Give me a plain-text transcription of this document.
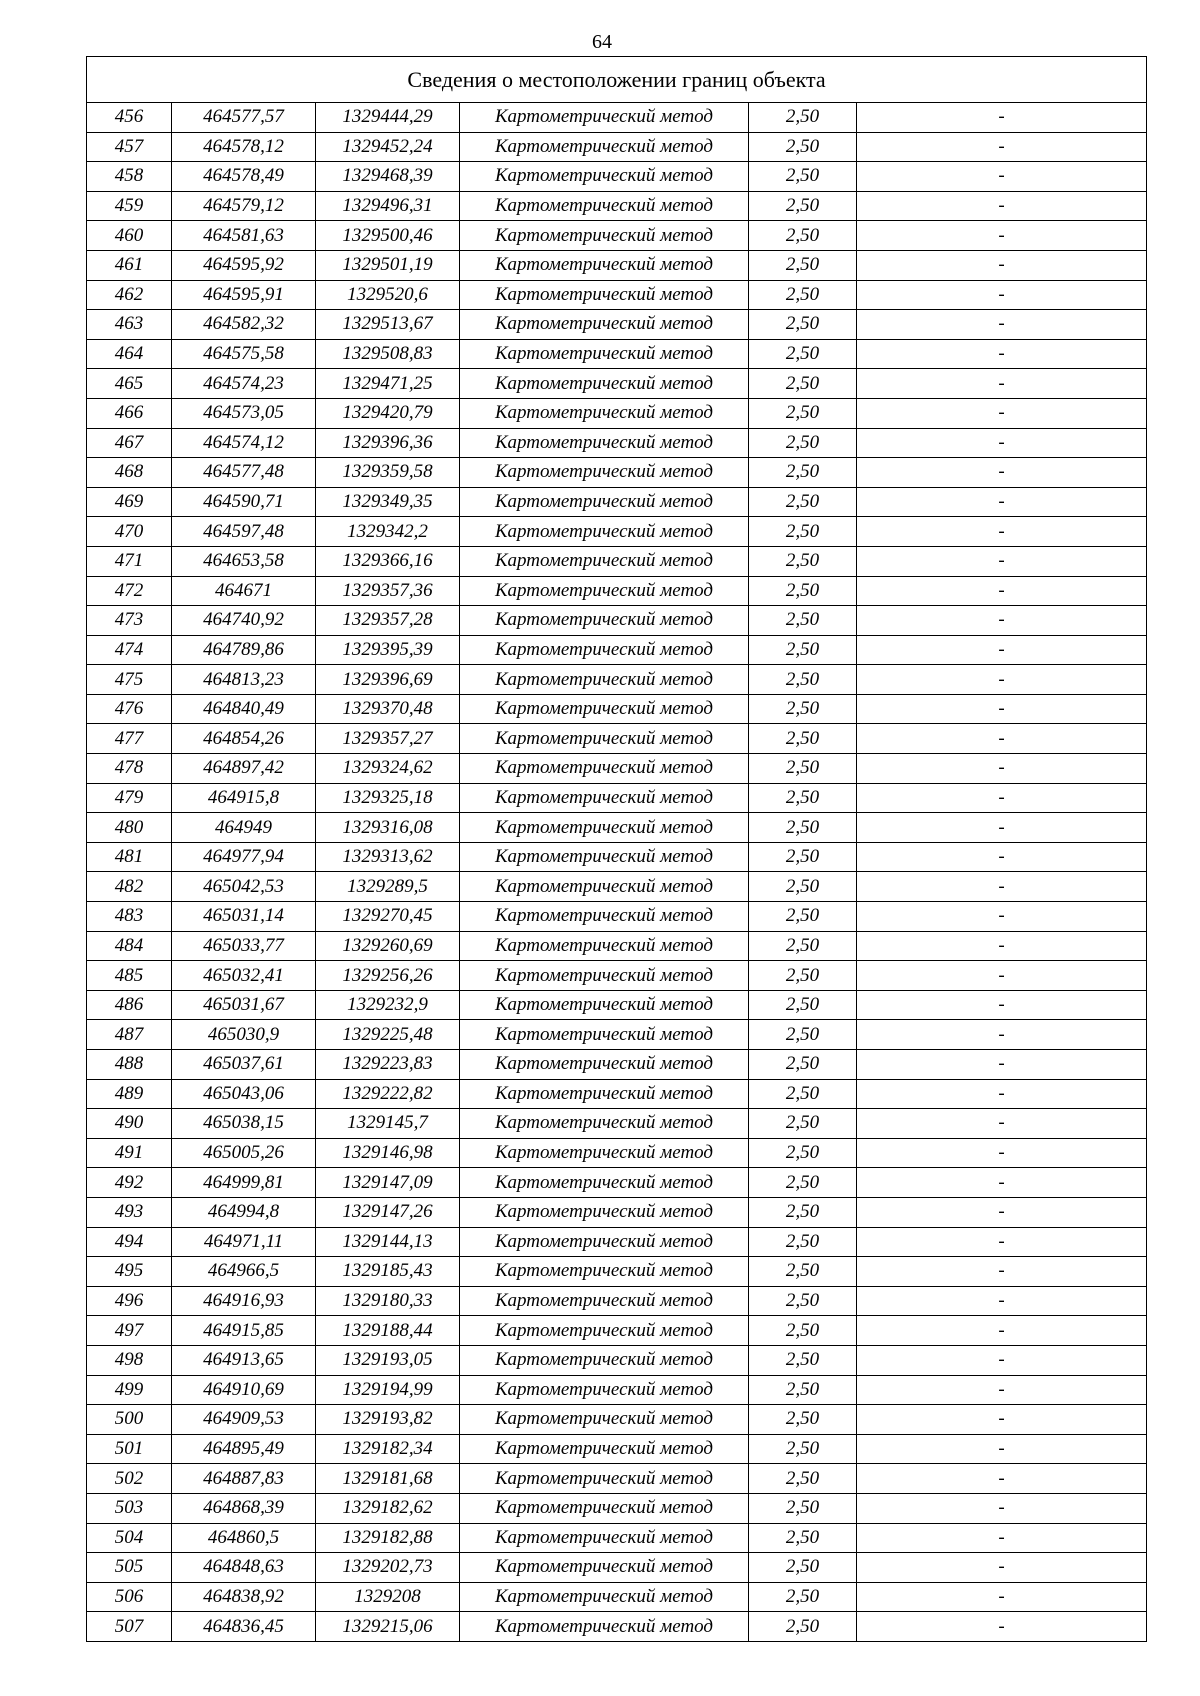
64
Сведения о местоположении границ объекта					
456	464577,57	1329444,29	Картометрический метод	2,50	-
457	464578,12	1329452,24	Картометрический метод	2,50	-
458	464578,49	1329468,39	Картометрический метод	2,50	-
459	464579,12	1329496,31	Картометрический метод	2,50	-
460	464581,63	1329500,46	Картометрический метод	2,50	-
461	464595,92	1329501,19	Картометрический метод	2,50	-
462	464595,91	1329520,6	Картометрический метод	2,50	-
463	464582,32	1329513,67	Картометрический метод	2,50	-
464	464575,58	1329508,83	Картометрический метод	2,50	-
465	464574,23	1329471,25	Картометрический метод	2,50	-
466	464573,05	1329420,79	Картометрический метод	2,50	-
467	464574,12	1329396,36	Картометрический метод	2,50	-
468	464577,48	1329359,58	Картометрический метод	2,50	-
469	464590,71	1329349,35	Картометрический метод	2,50	-
470	464597,48	1329342,2	Картометрический метод	2,50	-
471	464653,58	1329366,16	Картометрический метод	2,50	-
472	464671	1329357,36	Картометрический метод	2,50	-
473	464740,92	1329357,28	Картометрический метод	2,50	-
474	464789,86	1329395,39	Картометрический метод	2,50	-
475	464813,23	1329396,69	Картометрический метод	2,50	-
476	464840,49	1329370,48	Картометрический метод	2,50	-
477	464854,26	1329357,27	Картометрический метод	2,50	-
478	464897,42	1329324,62	Картометрический метод	2,50	-
479	464915,8	1329325,18	Картометрический метод	2,50	-
480	464949	1329316,08	Картометрический метод	2,50	-
481	464977,94	1329313,62	Картометрический метод	2,50	-
482	465042,53	1329289,5	Картометрический метод	2,50	-
483	465031,14	1329270,45	Картометрический метод	2,50	-
484	465033,77	1329260,69	Картометрический метод	2,50	-
485	465032,41	1329256,26	Картометрический метод	2,50	-
486	465031,67	1329232,9	Картометрический метод	2,50	-
487	465030,9	1329225,48	Картометрический метод	2,50	-
488	465037,61	1329223,83	Картометрический метод	2,50	-
489	465043,06	1329222,82	Картометрический метод	2,50	-
490	465038,15	1329145,7	Картометрический метод	2,50	-
491	465005,26	1329146,98	Картометрический метод	2,50	-
492	464999,81	1329147,09	Картометрический метод	2,50	-
493	464994,8	1329147,26	Картометрический метод	2,50	-
494	464971,11	1329144,13	Картометрический метод	2,50	-
495	464966,5	1329185,43	Картометрический метод	2,50	-
496	464916,93	1329180,33	Картометрический метод	2,50	-
497	464915,85	1329188,44	Картометрический метод	2,50	-
498	464913,65	1329193,05	Картометрический метод	2,50	-
499	464910,69	1329194,99	Картометрический метод	2,50	-
500	464909,53	1329193,82	Картометрический метод	2,50	-
501	464895,49	1329182,34	Картометрический метод	2,50	-
502	464887,83	1329181,68	Картометрический метод	2,50	-
503	464868,39	1329182,62	Картометрический метод	2,50	-
504	464860,5	1329182,88	Картометрический метод	2,50	-
505	464848,63	1329202,73	Картометрический метод	2,50	-
506	464838,92	1329208	Картометрический метод	2,50	-
507	464836,45	1329215,06	Картометрический метод	2,50	-
